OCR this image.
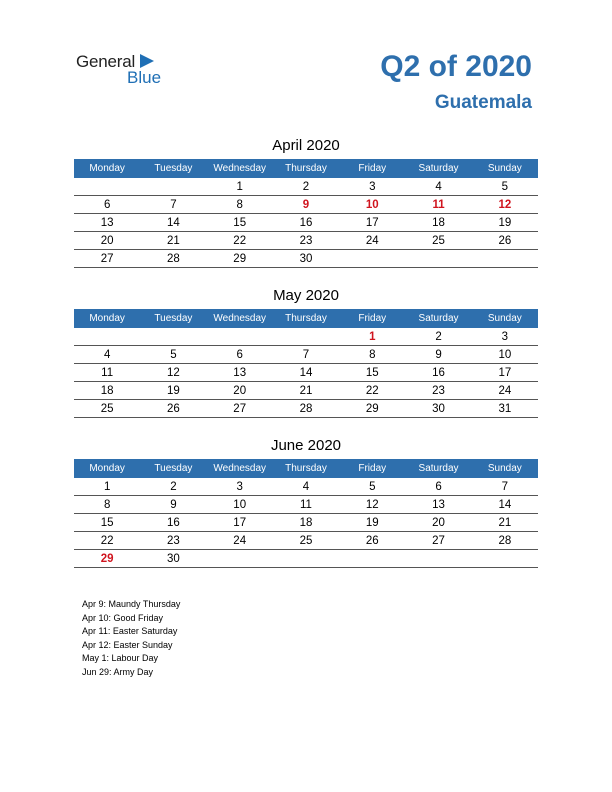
General
Blue	Q2 of 2020
Guatemala
April 2020
Monday	Tuesday	Wednesday	Thursday	Friday	Saturday	Sunday
		1	2	3	4	5
6	7	8	9	10	11	12
13	14	15	16	17	18	19
20	21	22	23	24	25	26
27	28	29	30			
May 2020
Monday	Tuesday	Wednesday	Thursday	Friday	Saturday	Sunday
				1	2	3
4	5	6	7	8	9	10
11	12	13	14	15	16	17
18	19	20	21	22	23	24
25	26	27	28	29	30	31
June 2020
Monday	Tuesday	Wednesday	Thursday	Friday	Saturday	Sunday
1	2	3	4	5	6	7
8	9	10	11	12	13	14
15	16	17	18	19	20	21
22	23	24	25	26	27	28
29	30					
Apr 9: Maundy Thursday
Apr 10: Good Friday
Apr 11: Easter Saturday
Apr 12: Easter Sunday
May 1: Labour Day
Jun 29: Army Day
